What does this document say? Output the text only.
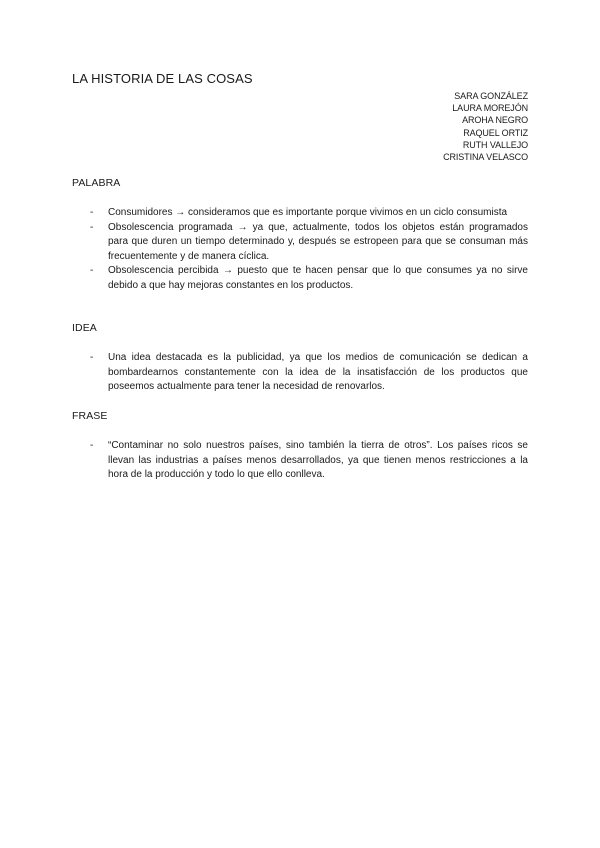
LA HISTORIA DE LAS COSAS
SARA GONZÁLEZ
LAURA MOREJÓN
AROHA NEGRO
RAQUEL ORTIZ
RUTH VALLEJO
CRISTINA VELASCO
PALABRA
- Consumidores → consideramos que es importante porque vivimos en un ciclo consumista
- Obsolescencia programada → ya que, actualmente, todos los objetos están programados para que duren un tiempo determinado y, después se estropeen para que se consuman más frecuentemente y de manera cíclica.
- Obsolescencia percibida → puesto que te hacen pensar que lo que consumes ya no sirve debido a que hay mejoras constantes en los productos.
IDEA
- Una idea destacada es la publicidad, ya que los medios de comunicación se dedican a bombardearnos constantemente con la idea de la insatisfacción de los productos que poseemos actualmente para tener la necesidad de renovarlos.
FRASE
- “Contaminar no solo nuestros países, sino también la tierra de otros”. Los países ricos se llevan las industrias a países menos desarrollados, ya que tienen menos restricciones a la hora de la producción y todo lo que ello conlleva.
